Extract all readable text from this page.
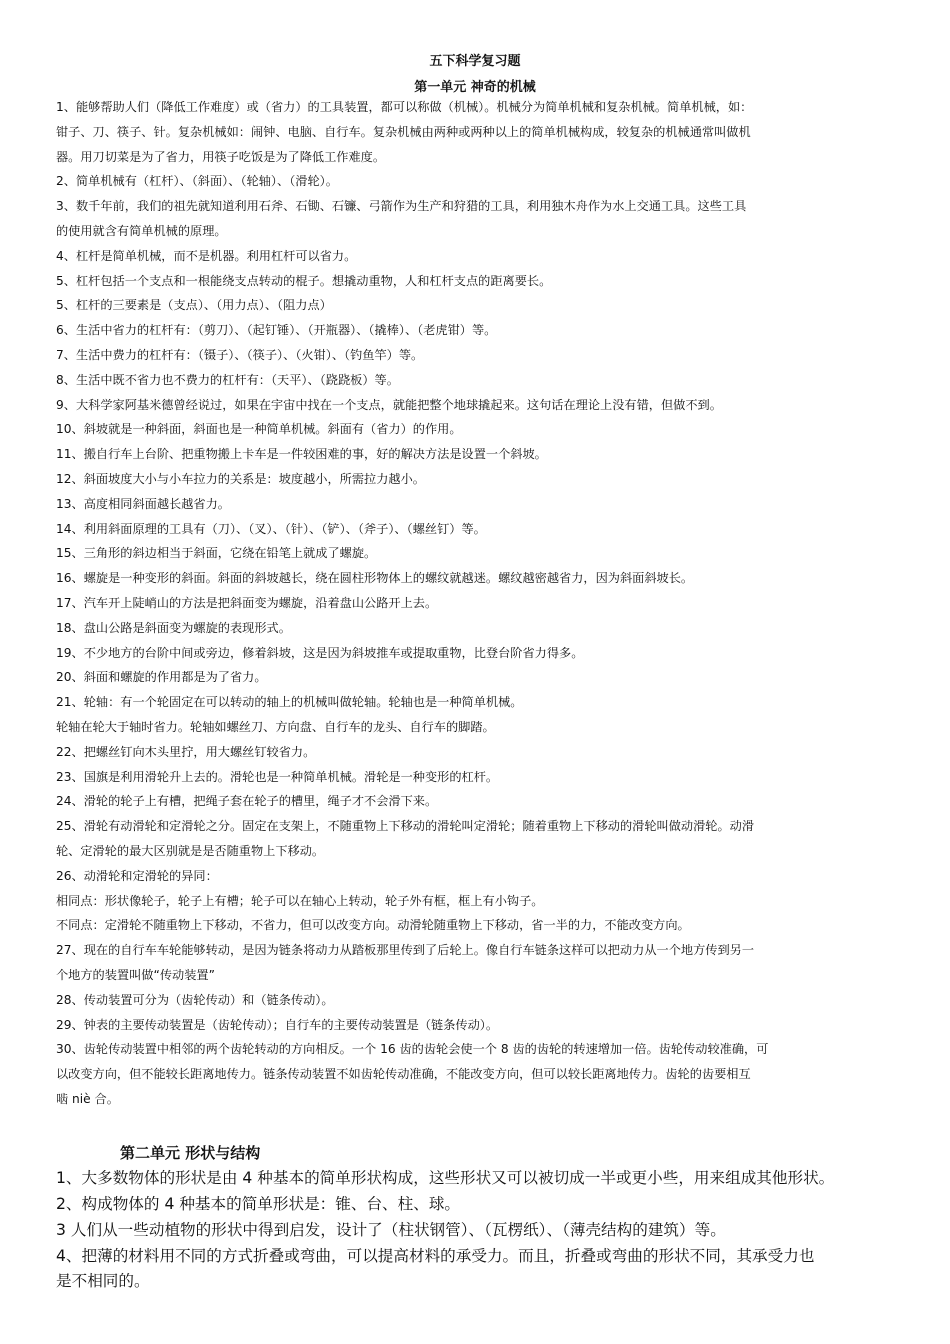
五下科学复习题
第一单元 神奇的机械
1、能够帮助人们（降低工作难度）或（省力）的工具装置，都可以称做（机械）。机械分为简单机械和复杂机械。简单机械，如：
钳子、刀、筷子、针。复杂机械如：闹钟、电脑、自行车。复杂机械由两种或两种以上的简单机械构成，较复杂的机械通常叫做机
器。用刀切菜是为了省力，用筷子吃饭是为了降低工作难度。
2、简单机械有（杠杆）、（斜面）、（轮轴）、（滑轮）。
3、数千年前，我们的祖先就知道利用石斧、石锄、石镰、弓箭作为生产和狩猎的工具，利用独木舟作为水上交通工具。这些工具
的使用就含有简单机械的原理。
4、杠杆是简单机械，而不是机器。利用杠杆可以省力。
5、杠杆包括一个支点和一根能绕支点转动的棍子。想撬动重物，人和杠杆支点的距离要长。
5、杠杆的三要素是（支点）、（用力点）、（阻力点）
6、生活中省力的杠杆有：（剪刀）、（起钉锤）、（开瓶器）、（撬棒）、（老虎钳）等。
7、生活中费力的杠杆有：（镊子）、（筷子）、（火钳）、（钓鱼竿）等。
8、生活中既不省力也不费力的杠杆有：（天平）、（跷跷板）等。
9、大科学家阿基米德曾经说过，如果在宇宙中找在一个支点，就能把整个地球撬起来。这句话在理论上没有错，但做不到。
10、斜坡就是一种斜面，斜面也是一种简单机械。斜面有（省力）的作用。
11、搬自行车上台阶、把重物搬上卡车是一件较困难的事，好的解决方法是设置一个斜坡。
12、斜面坡度大小与小车拉力的关系是：坡度越小，所需拉力越小。
13、高度相同斜面越长越省力。
14、利用斜面原理的工具有（刀）、（叉）、（针）、（铲）、（斧子）、（螺丝钉）等。
15、三角形的斜边相当于斜面，它绕在铅笔上就成了螺旋。
16、螺旋是一种变形的斜面。斜面的斜坡越长，绕在圆柱形物体上的螺纹就越迷。螺纹越密越省力，因为斜面斜坡长。
17、汽车开上陡峭山的方法是把斜面变为螺旋，沿着盘山公路开上去。
18、盘山公路是斜面变为螺旋的表现形式。
19、不少地方的台阶中间或旁边，修着斜坡，这是因为斜坡推车或提取重物，比登台阶省力得多。
20、斜面和螺旋的作用都是为了省力。
21、轮轴：有一个轮固定在可以转动的轴上的机械叫做轮轴。轮轴也是一种简单机械。
轮轴在轮大于轴时省力。轮轴如螺丝刀、方向盘、自行车的龙头、自行车的脚踏。
22、把螺丝钉向木头里拧，用大螺丝钉较省力。
23、国旗是利用滑轮升上去的。滑轮也是一种简单机械。滑轮是一种变形的杠杆。
24、滑轮的轮子上有槽，把绳子套在轮子的槽里，绳子才不会滑下来。
25、滑轮有动滑轮和定滑轮之分。固定在支架上，不随重物上下移动的滑轮叫定滑轮；随着重物上下移动的滑轮叫做动滑轮。动滑
轮、定滑轮的最大区别就是是否随重物上下移动。
26、动滑轮和定滑轮的异同：
相同点：形状像轮子，轮子上有槽；轮子可以在轴心上转动，轮子外有框，框上有小钩子。
不同点：定滑轮不随重物上下移动，不省力，但可以改变方向。动滑轮随重物上下移动，省一半的力，不能改变方向。
27、现在的自行车车轮能够转动，是因为链条将动力从踏板那里传到了后轮上。像自行车链条这样可以把动力从一个地方传到另一
个地方的装置叫做“传动装置”
28、传动装置可分为（齿轮传动）和（链条传动）。
29、钟表的主要传动装置是（齿轮传动）；自行车的主要传动装置是（链条传动）。
30、齿轮传动装置中相邻的两个齿轮转动的方向相反。一个 16 齿的齿轮会使一个 8 齿的齿轮的转速增加一倍。齿轮传动较准确，可
以改变方向，但不能较长距离地传力。链条传动装置不如齿轮传动准确，不能改变方向，但可以较长距离地传力。齿轮的齿要相互
啮 niè 合。
第二单元 形状与结构
1、大多数物体的形状是由 4 种基本的简单形状构成，这些形状又可以被切成一半或更小些，用来组成其他形状。
2、构成物体的 4 种基本的简单形状是：锥、台、柱、球。
3 人们从一些动植物的形状中得到启发，设计了（柱状钢管）、（瓦楞纸）、（薄壳结构的建筑）等。
4、把薄的材料用不同的方式折叠或弯曲，可以提高材料的承受力。而且，折叠或弯曲的形状不同，其承受力也
是不相同的。
